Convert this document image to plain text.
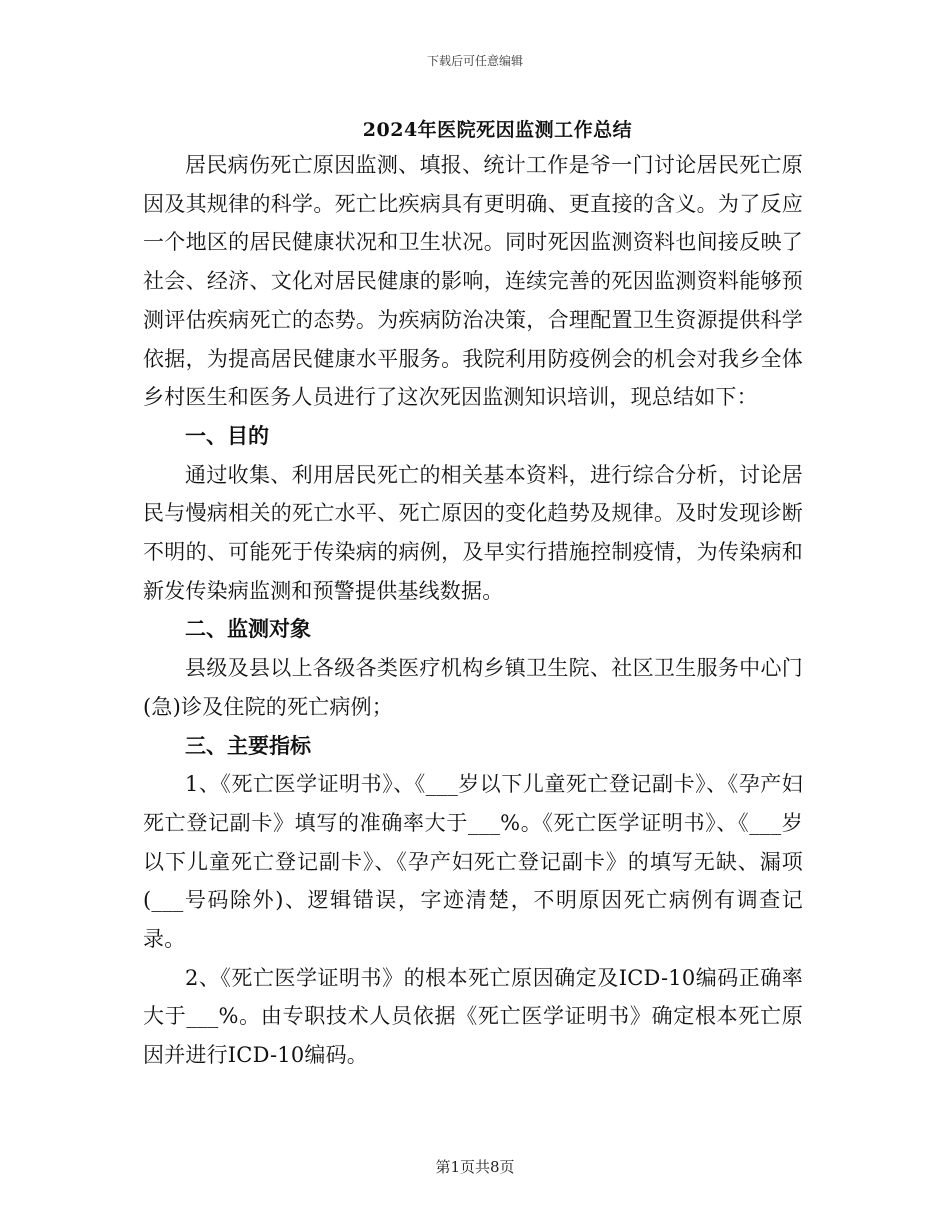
下载后可任意编辑
2024年医院死因监测工作总结

居民病伤死亡原因监测、填报、统计工作是爷一门讨论居民死亡原因及其规律的科学。死亡比疾病具有更明确、更直接的含义。为了反应一个地区的居民健康状况和卫生状况。同时死因监测资料也间接反映了社会、经济、文化对居民健康的影响，连续完善的死因监测资料能够预测评估疾病死亡的态势。为疾病防治决策，合理配置卫生资源提供科学依据，为提高居民健康水平服务。我院利用防疫例会的机会对我乡全体乡村医生和医务人员进行了这次死因监测知识培训，现总结如下：

一、目的

通过收集、利用居民死亡的相关基本资料，进行综合分析，讨论居民与慢病相关的死亡水平、死亡原因的变化趋势及规律。及时发现诊断不明的、可能死于传染病的病例，及早实行措施控制疫情，为传染病和新发传染病监测和预警提供基线数据。

二、监测对象

县级及县以上各级各类医疗机构乡镇卫生院、社区卫生服务中心门(急)诊及住院的死亡病例；

三、主要指标

1、《死亡医学证明书》、《___岁以下儿童死亡登记副卡》、《孕产妇死亡登记副卡》填写的准确率大于___%。《死亡医学证明书》、《___岁以下儿童死亡登记副卡》、《孕产妇死亡登记副卡》的填写无缺、漏项(___号码除外)、逻辑错误，字迹清楚，不明原因死亡病例有调查记录。

2、《死亡医学证明书》的根本死亡原因确定及ICD-10编码正确率大于___%。由专职技术人员依据《死亡医学证明书》确定根本死亡原因并进行ICD-10编码。

第1页共8页
